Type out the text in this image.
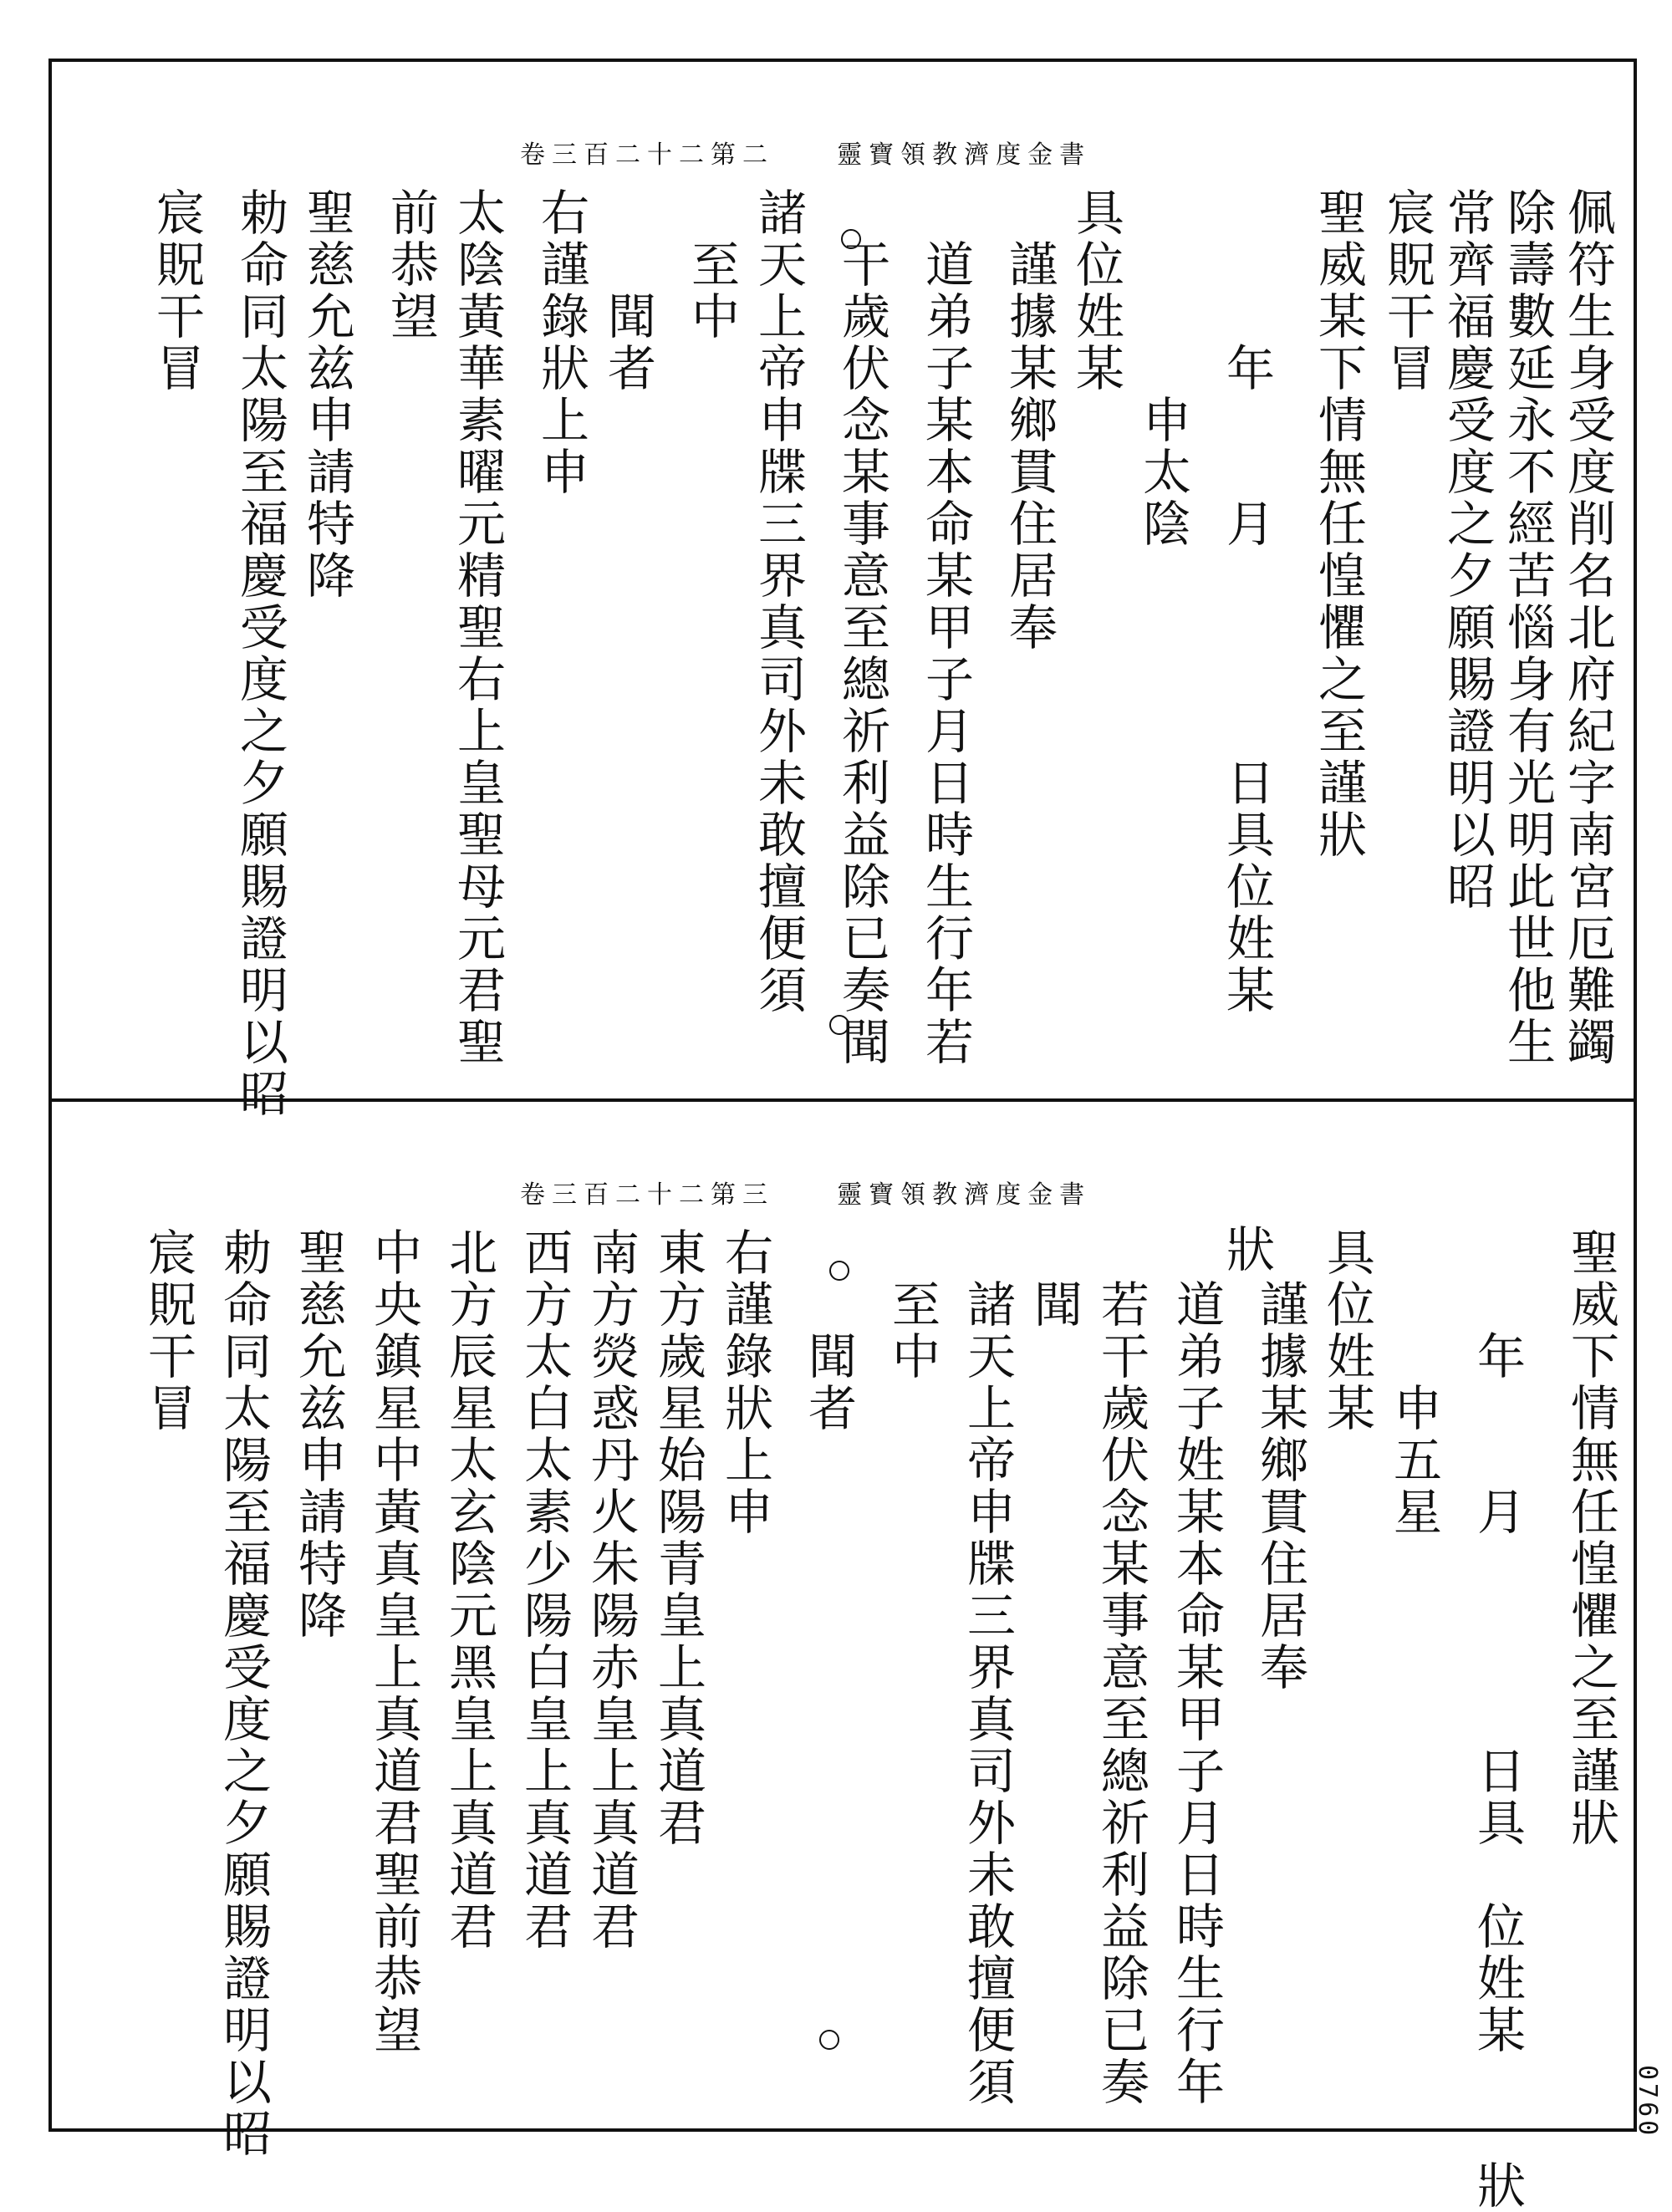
卷三百二十二第二	靈寶領教濟度金書
佩符生身受度削名北府紀字南宮厄難蠲
除壽數延永不經苦惱身有光明此世他生
常齊福慶受度之夕願賜證明以昭
宸貺干冒
聖威某下情無任惶懼之至謹狀
　　　年　　月　　　　日具位姓某　　　　狀
　　　　申太陰
具位姓某
　謹據某鄉貫住居奉
　道弟子某本命某甲子月日時生行年若
　干歲伏念某事意至總祈利益除已奏聞
諸天上帝申牒三界真司外未敢擅便須
　至中
　　聞者
右謹錄狀上申
太陰黃華素曜元精聖右上皇聖母元君聖
前恭望
聖慈允兹申請特降
勅命同太陽至福慶受度之夕願賜證明以昭
宸貺干冒
卷三百二十二第三	靈寶領教濟度金書
聖威下情無任惶懼之至謹狀
　　年　　月　　　　日具　位姓某　　狀
　　　申五星
具位姓某
　謹據某鄉貫住居奉
　道弟子姓某本命某甲子月日時生行年
　若干歲伏念某事意至總祈利益除已奏
　聞
　諸天上帝申牒三界真司外未敢擅便須
　至中
　　聞者
右謹錄狀上申
東方歲星始陽青皇上真道君
南方熒惑丹火朱陽赤皇上真道君
西方太白太素少陽白皇上真道君
北方辰星太玄陰元黑皇上真道君
中央鎮星中黃真皇上真道君聖前恭望
聖慈允兹申請特降
勅命同太陽至福慶受度之夕願賜證明以昭
宸貺干冒
0760
